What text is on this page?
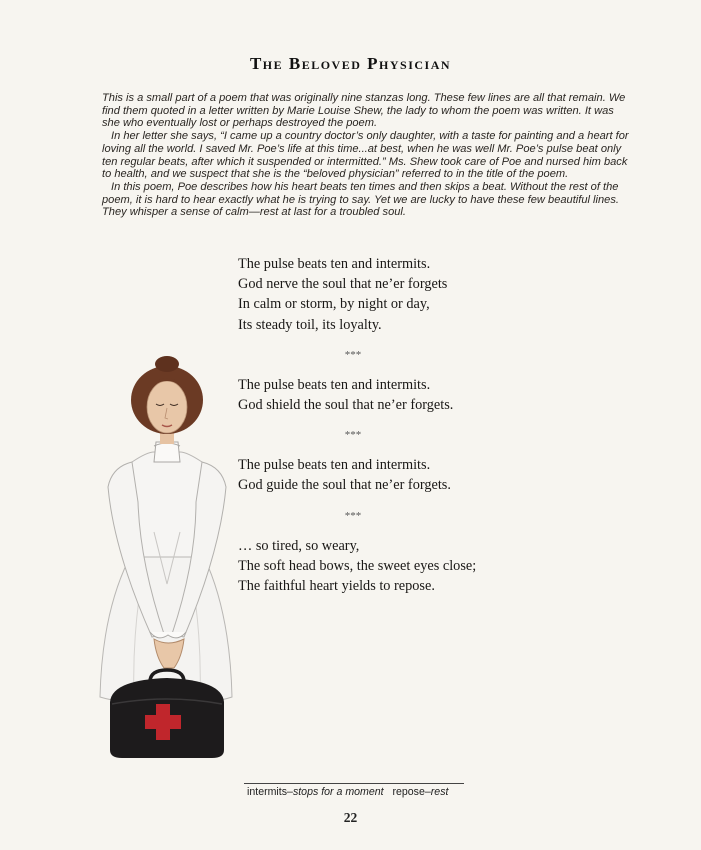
The Beloved Physician

This is a small part of a poem that was originally nine stanzas long. These few lines are all that remain. We find them quoted in a letter written by Marie Louise Shew, the lady to whom the poem was written. It was she who eventually lost or perhaps destroyed the poem.

In her letter she says, “I came up a country doctor’s only daughter, with a taste for painting and a heart for loving all the world. I saved Mr. Poe’s life at this time...at best, when he was well Mr. Poe’s pulse beat only ten regular beats, after which it suspended or intermitted.” Ms. Shew took care of Poe and nursed him back to health, and we suspect that she is the “beloved physician” referred to in the title of the poem.

In this poem, Poe describes how his heart beats ten times and then skips a beat. Without the rest of the poem, it is hard to hear exactly what he is trying to say. Yet we are lucky to have these few beautiful lines. They whisper a sense of calm—rest at last for a troubled soul.

The pulse beats ten and intermits.
God nerve the soul that ne’er forgets
In calm or storm, by night or day,
Its steady toil, its loyalty.
***
The pulse beats ten and intermits.
God shield the soul that ne’er forgets.
***
The pulse beats ten and intermits.
God guide the soul that ne’er forgets.
***
… so tired, so weary,
The soft head bows, the sweet eyes close;
The faithful heart yields to repose.
intermits–stops for a moment repose–rest
22
